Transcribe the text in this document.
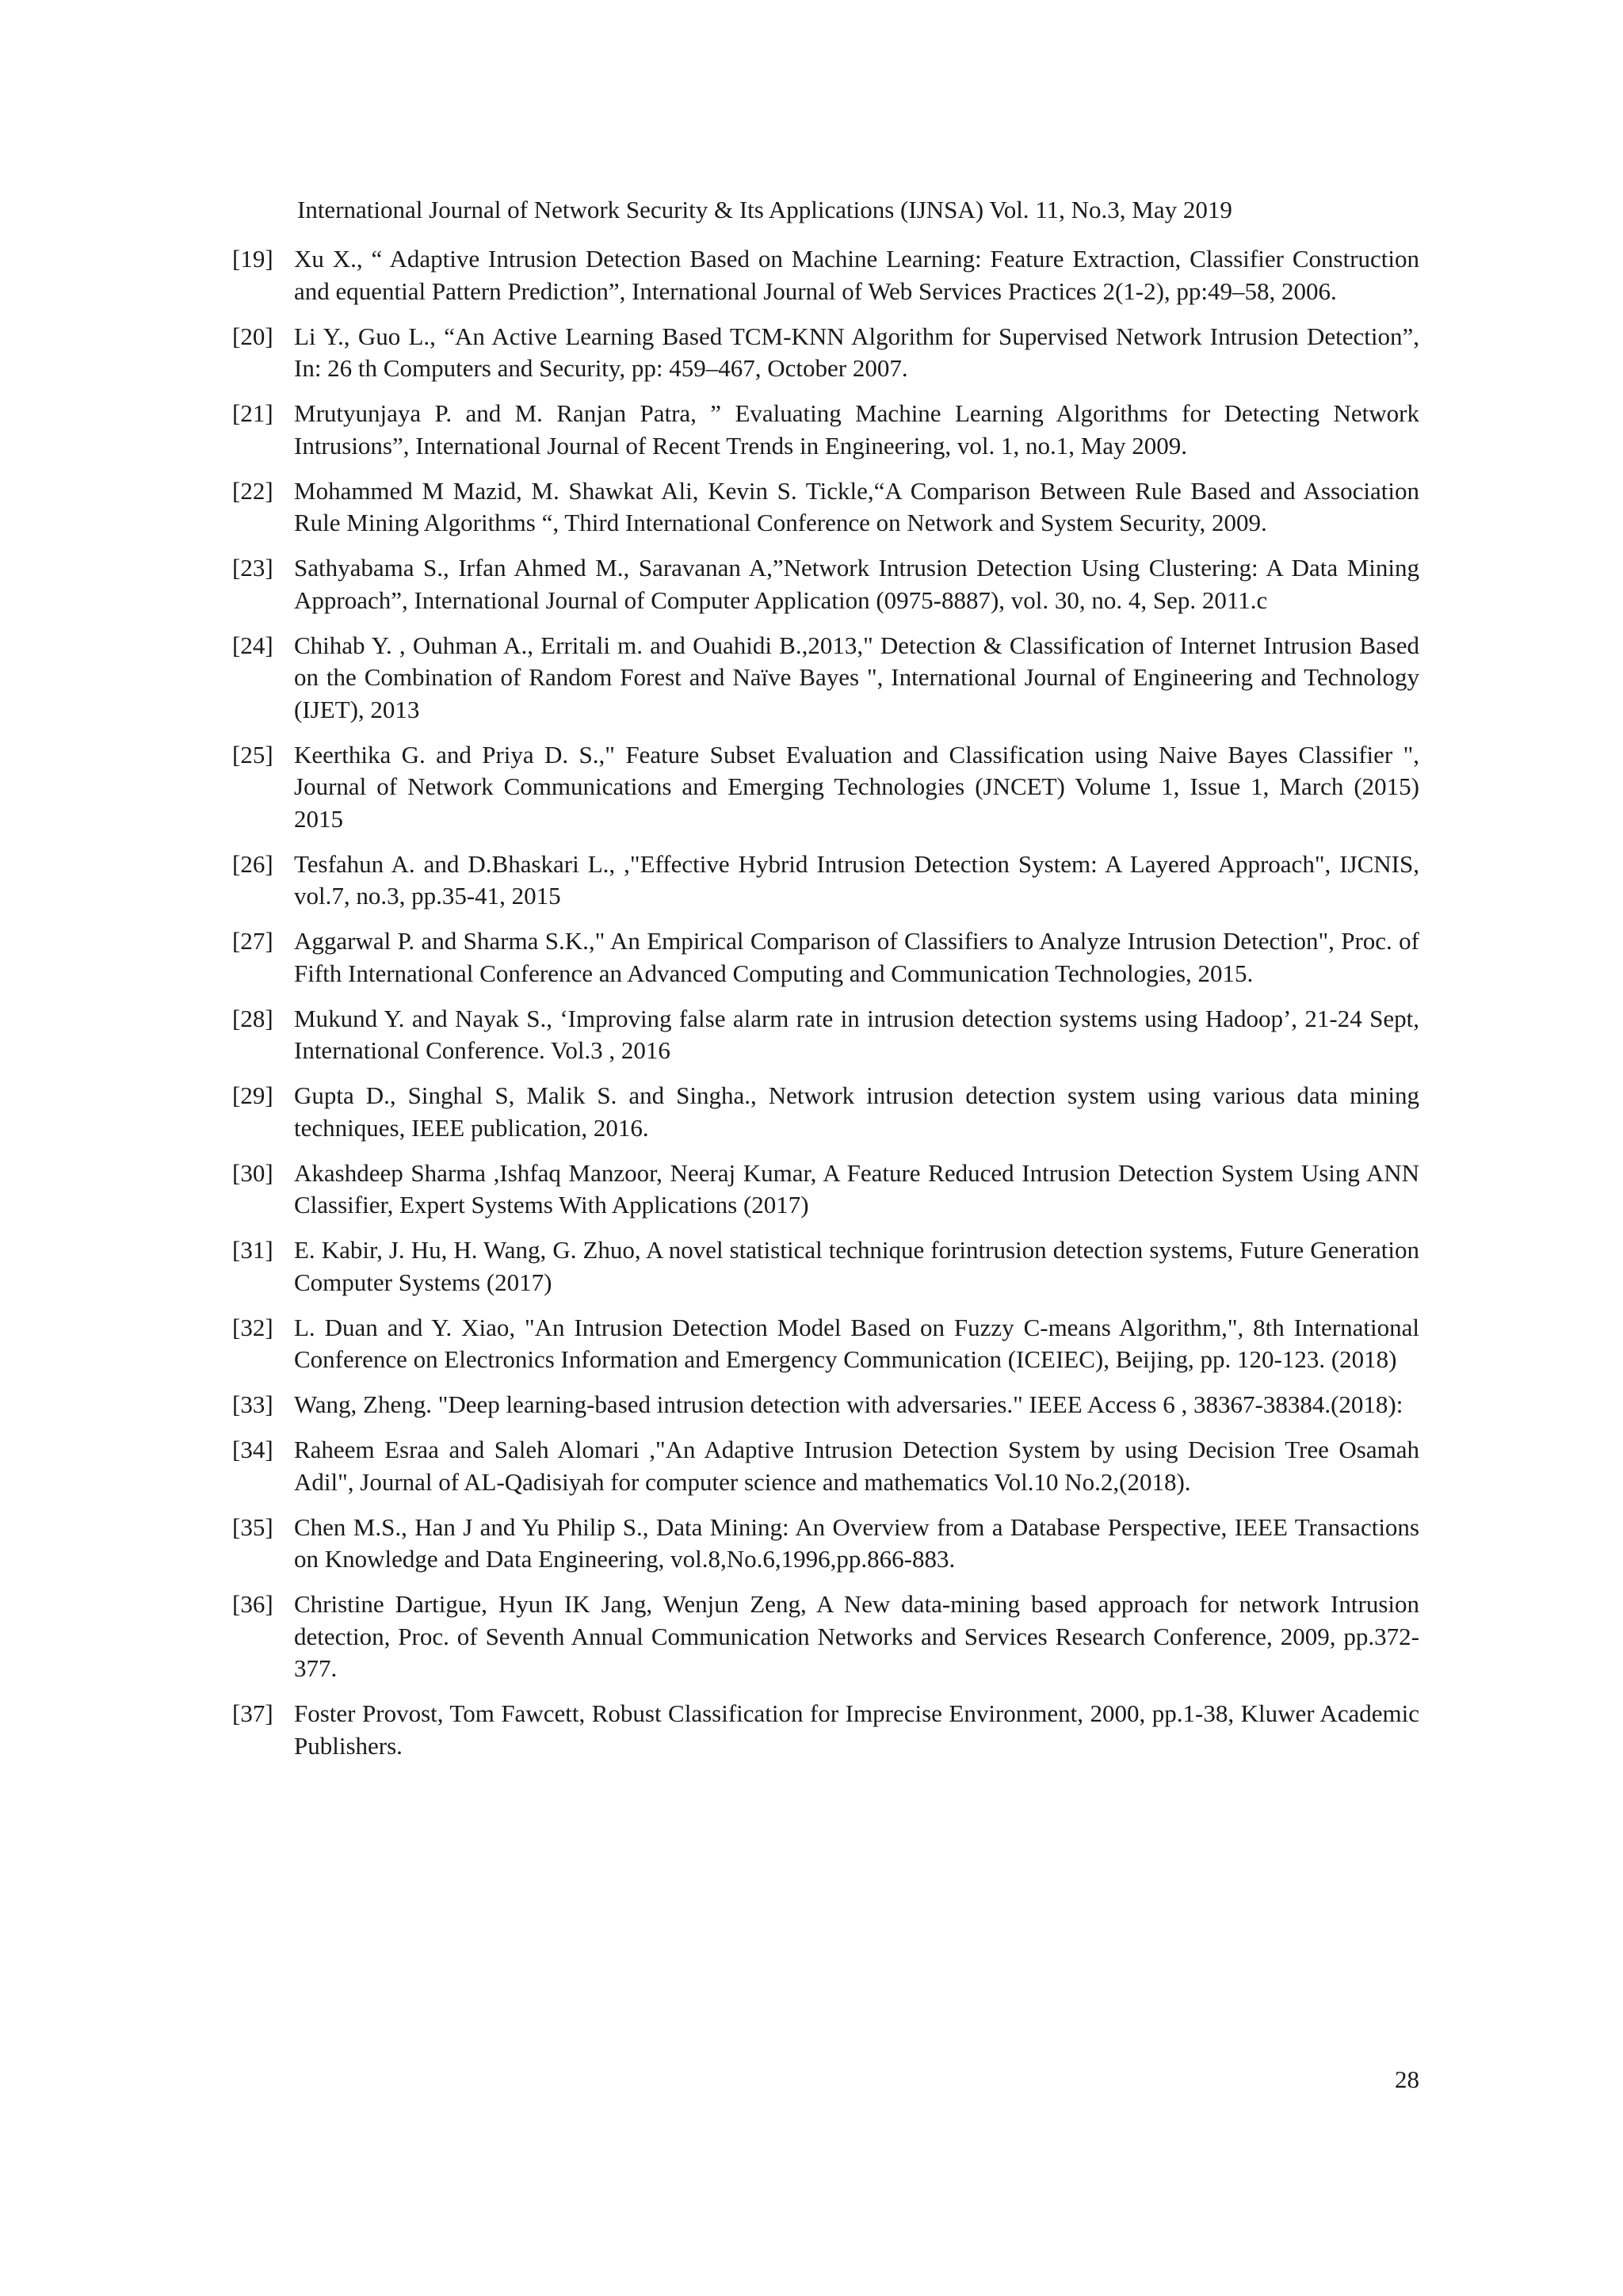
International Journal of Network Security & Its Applications (IJNSA) Vol. 11, No.3, May 2019
[19] Xu X., “ Adaptive Intrusion Detection Based on Machine Learning: Feature Extraction, Classifier Construction and equential Pattern Prediction”, International Journal of Web Services Practices 2(1-2), pp:49–58, 2006.
[20] Li Y., Guo L., “An Active Learning Based TCM-KNN Algorithm for Supervised Network Intrusion Detection”, In: 26 th Computers and Security, pp: 459–467, October 2007.
[21] Mrutyunjaya P. and M. Ranjan Patra, ” Evaluating Machine Learning Algorithms for Detecting Network Intrusions”, International Journal of Recent Trends in Engineering, vol. 1, no.1, May 2009.
[22] Mohammed M Mazid, M. Shawkat Ali, Kevin S. Tickle,“A Comparison Between Rule Based and Association Rule Mining Algorithms “, Third International Conference on Network and System Security, 2009.
[23] Sathyabama S., Irfan Ahmed M., Saravanan A,”Network Intrusion Detection Using Clustering: A Data Mining Approach”, International Journal of Computer Application (0975-8887), vol. 30, no. 4, Sep. 2011.c
[24] Chihab Y. , Ouhman A., Erritali m. and Ouahidi B.,2013," Detection & Classification of Internet Intrusion Based on the Combination of Random Forest and Naïve Bayes ", International Journal of Engineering and Technology (IJET), 2013
[25] Keerthika G. and Priya D. S.," Feature Subset Evaluation and Classification using Naive Bayes Classifier ", Journal of Network Communications and Emerging Technologies (JNCET) Volume 1, Issue 1, March (2015) 2015
[26] Tesfahun A. and D.Bhaskari L., ,"Effective Hybrid Intrusion Detection System: A Layered Approach", IJCNIS, vol.7, no.3, pp.35-41, 2015
[27] Aggarwal P. and Sharma S.K.," An Empirical Comparison of Classifiers to Analyze Intrusion Detection", Proc. of Fifth International Conference an Advanced Computing and Communication Technologies, 2015.
[28] Mukund Y. and Nayak S., ‘Improving false alarm rate in intrusion detection systems using Hadoop’, 21-24 Sept, International Conference. Vol.3 , 2016
[29] Gupta D., Singhal S, Malik S. and Singha., Network intrusion detection system using various data mining techniques, IEEE publication, 2016.
[30] Akashdeep Sharma ,Ishfaq Manzoor, Neeraj Kumar, A Feature Reduced Intrusion Detection System Using ANN Classifier, Expert Systems With Applications (2017)
[31] E. Kabir, J. Hu, H. Wang, G. Zhuo, A novel statistical technique forintrusion detection systems, Future Generation Computer Systems (2017)
[32] L. Duan and Y. Xiao, "An Intrusion Detection Model Based on Fuzzy C-means Algorithm,", 8th International Conference on Electronics Information and Emergency Communication (ICEIEC), Beijing, pp. 120-123. (2018)
[33] Wang, Zheng. "Deep learning-based intrusion detection with adversaries." IEEE Access 6 , 38367-38384.(2018):
[34] Raheem Esraa and Saleh Alomari ,"An Adaptive Intrusion Detection System by using Decision Tree Osamah Adil", Journal of AL-Qadisiyah for computer science and mathematics Vol.10 No.2,(2018).
[35] Chen M.S., Han J and Yu Philip S., Data Mining: An Overview from a Database Perspective, IEEE Transactions on Knowledge and Data Engineering, vol.8,No.6,1996,pp.866-883.
[36] Christine Dartigue, Hyun IK Jang, Wenjun Zeng, A New data-mining based approach for network Intrusion detection, Proc. of Seventh Annual Communication Networks and Services Research Conference, 2009, pp.372-377.
[37] Foster Provost, Tom Fawcett, Robust Classification for Imprecise Environment, 2000, pp.1-38, Kluwer Academic Publishers.
28
